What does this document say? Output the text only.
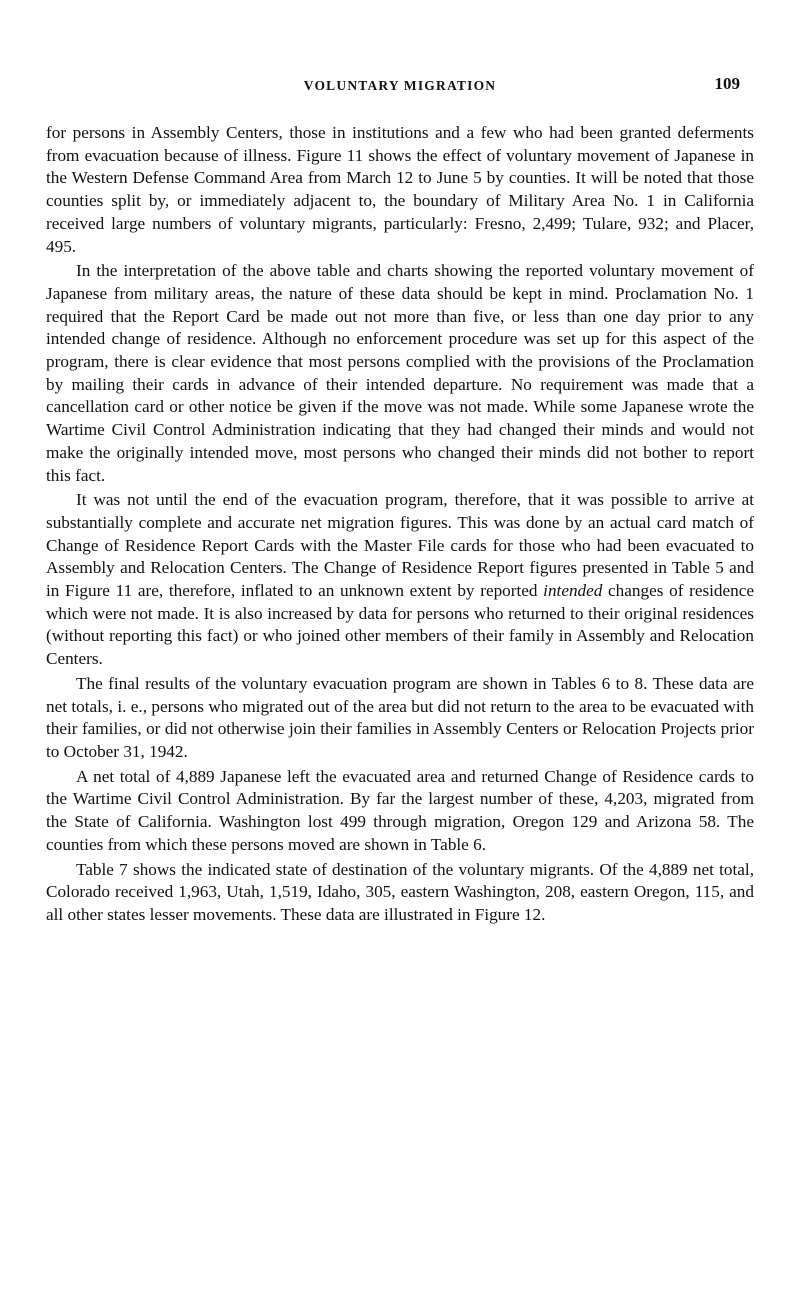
VOLUNTARY MIGRATION	109

for persons in Assembly Centers, those in institutions and a few who had been granted deferments from evacuation because of illness. Figure 11 shows the effect of voluntary movement of Japanese in the Western Defense Command Area from March 12 to June 5 by counties. It will be noted that those counties split by, or immediately adjacent to, the boundary of Military Area No. 1 in California received large numbers of voluntary migrants, particularly: Fresno, 2,499; Tulare, 932; and Placer, 495.

In the interpretation of the above table and charts showing the reported voluntary movement of Japanese from military areas, the nature of these data should be kept in mind. Proclamation No. 1 required that the Report Card be made out not more than five, or less than one day prior to any intended change of residence. Although no enforcement procedure was set up for this aspect of the program, there is clear evidence that most persons complied with the provisions of the Proclamation by mailing their cards in advance of their intended departure. No requirement was made that a cancellation card or other notice be given if the move was not made. While some Japanese wrote the Wartime Civil Control Administration indicating that they had changed their minds and would not make the originally intended move, most persons who changed their minds did not bother to report this fact.

It was not until the end of the evacuation program, therefore, that it was possible to arrive at substantially complete and accurate net migration figures. This was done by an actual card match of Change of Residence Report Cards with the Master File cards for those who had been evacuated to Assembly and Relocation Centers. The Change of Residence Report figures presented in Table 5 and in Figure 11 are, therefore, inflated to an unknown extent by reported intended changes of residence which were not made. It is also increased by data for persons who returned to their original residences (without reporting this fact) or who joined other members of their family in Assembly and Relocation Centers.

The final results of the voluntary evacuation program are shown in Tables 6 to 8. These data are net totals, i. e., persons who migrated out of the area but did not return to the area to be evacuated with their families, or did not otherwise join their families in Assembly Centers or Relocation Projects prior to October 31, 1942.

A net total of 4,889 Japanese left the evacuated area and returned Change of Residence cards to the Wartime Civil Control Administration. By far the largest number of these, 4,203, migrated from the State of California. Washington lost 499 through migration, Oregon 129 and Arizona 58. The counties from which these persons moved are shown in Table 6.

Table 7 shows the indicated state of destination of the voluntary migrants. Of the 4,889 net total, Colorado received 1,963, Utah, 1,519, Idaho, 305, eastern Washington, 208, eastern Oregon, 115, and all other states lesser movements. These data are illustrated in Figure 12.
